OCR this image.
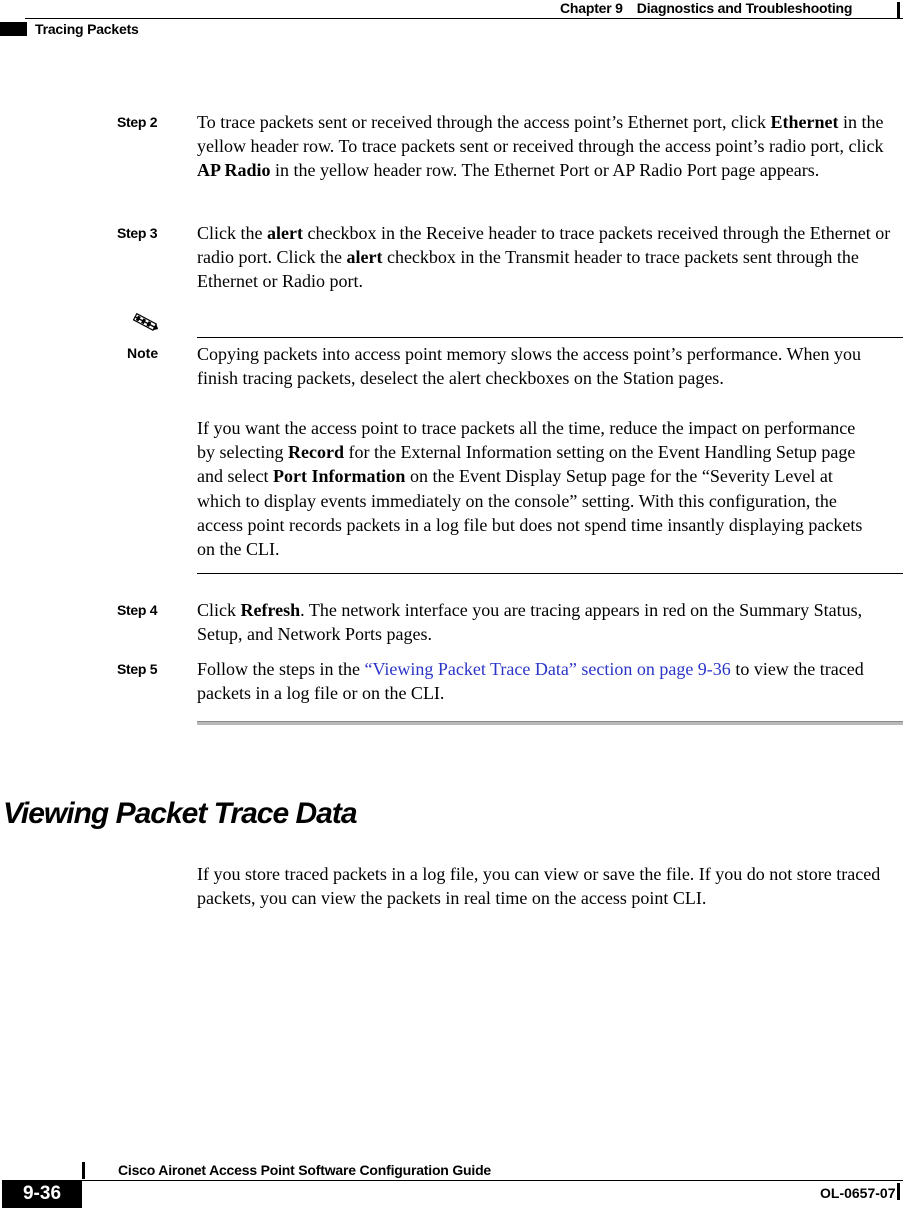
Chapter 9 Diagnostics and Troubleshooting
Tracing Packets
Step 2 To trace packets sent or received through the access point’s Ethernet port, click Ethernet in the yellow header row. To trace packets sent or received through the access point’s radio port, click AP Radio in the yellow header row. The Ethernet Port or AP Radio Port page appears.
Step 3 Click the alert checkbox in the Receive header to trace packets received through the Ethernet or radio port. Click the alert checkbox in the Transmit header to trace packets sent through the Ethernet or Radio port.
Note Copying packets into access point memory slows the access point’s performance. When you finish tracing packets, deselect the alert checkboxes on the Station pages.
If you want the access point to trace packets all the time, reduce the impact on performance by selecting Record for the External Information setting on the Event Handling Setup page and select Port Information on the Event Display Setup page for the “Severity Level at which to display events immediately on the console” setting. With this configuration, the access point records packets in a log file but does not spend time insantly displaying packets on the CLI.
Step 4 Click Refresh. The network interface you are tracing appears in red on the Summary Status, Setup, and Network Ports pages.
Step 5 Follow the steps in the “Viewing Packet Trace Data” section on page 9-36 to view the traced packets in a log file or on the CLI.
Viewing Packet Trace Data
If you store traced packets in a log file, you can view or save the file. If you do not store traced packets, you can view the packets in real time on the access point CLI.
Cisco Aironet Access Point Software Configuration Guide
9-36	OL-0657-07
